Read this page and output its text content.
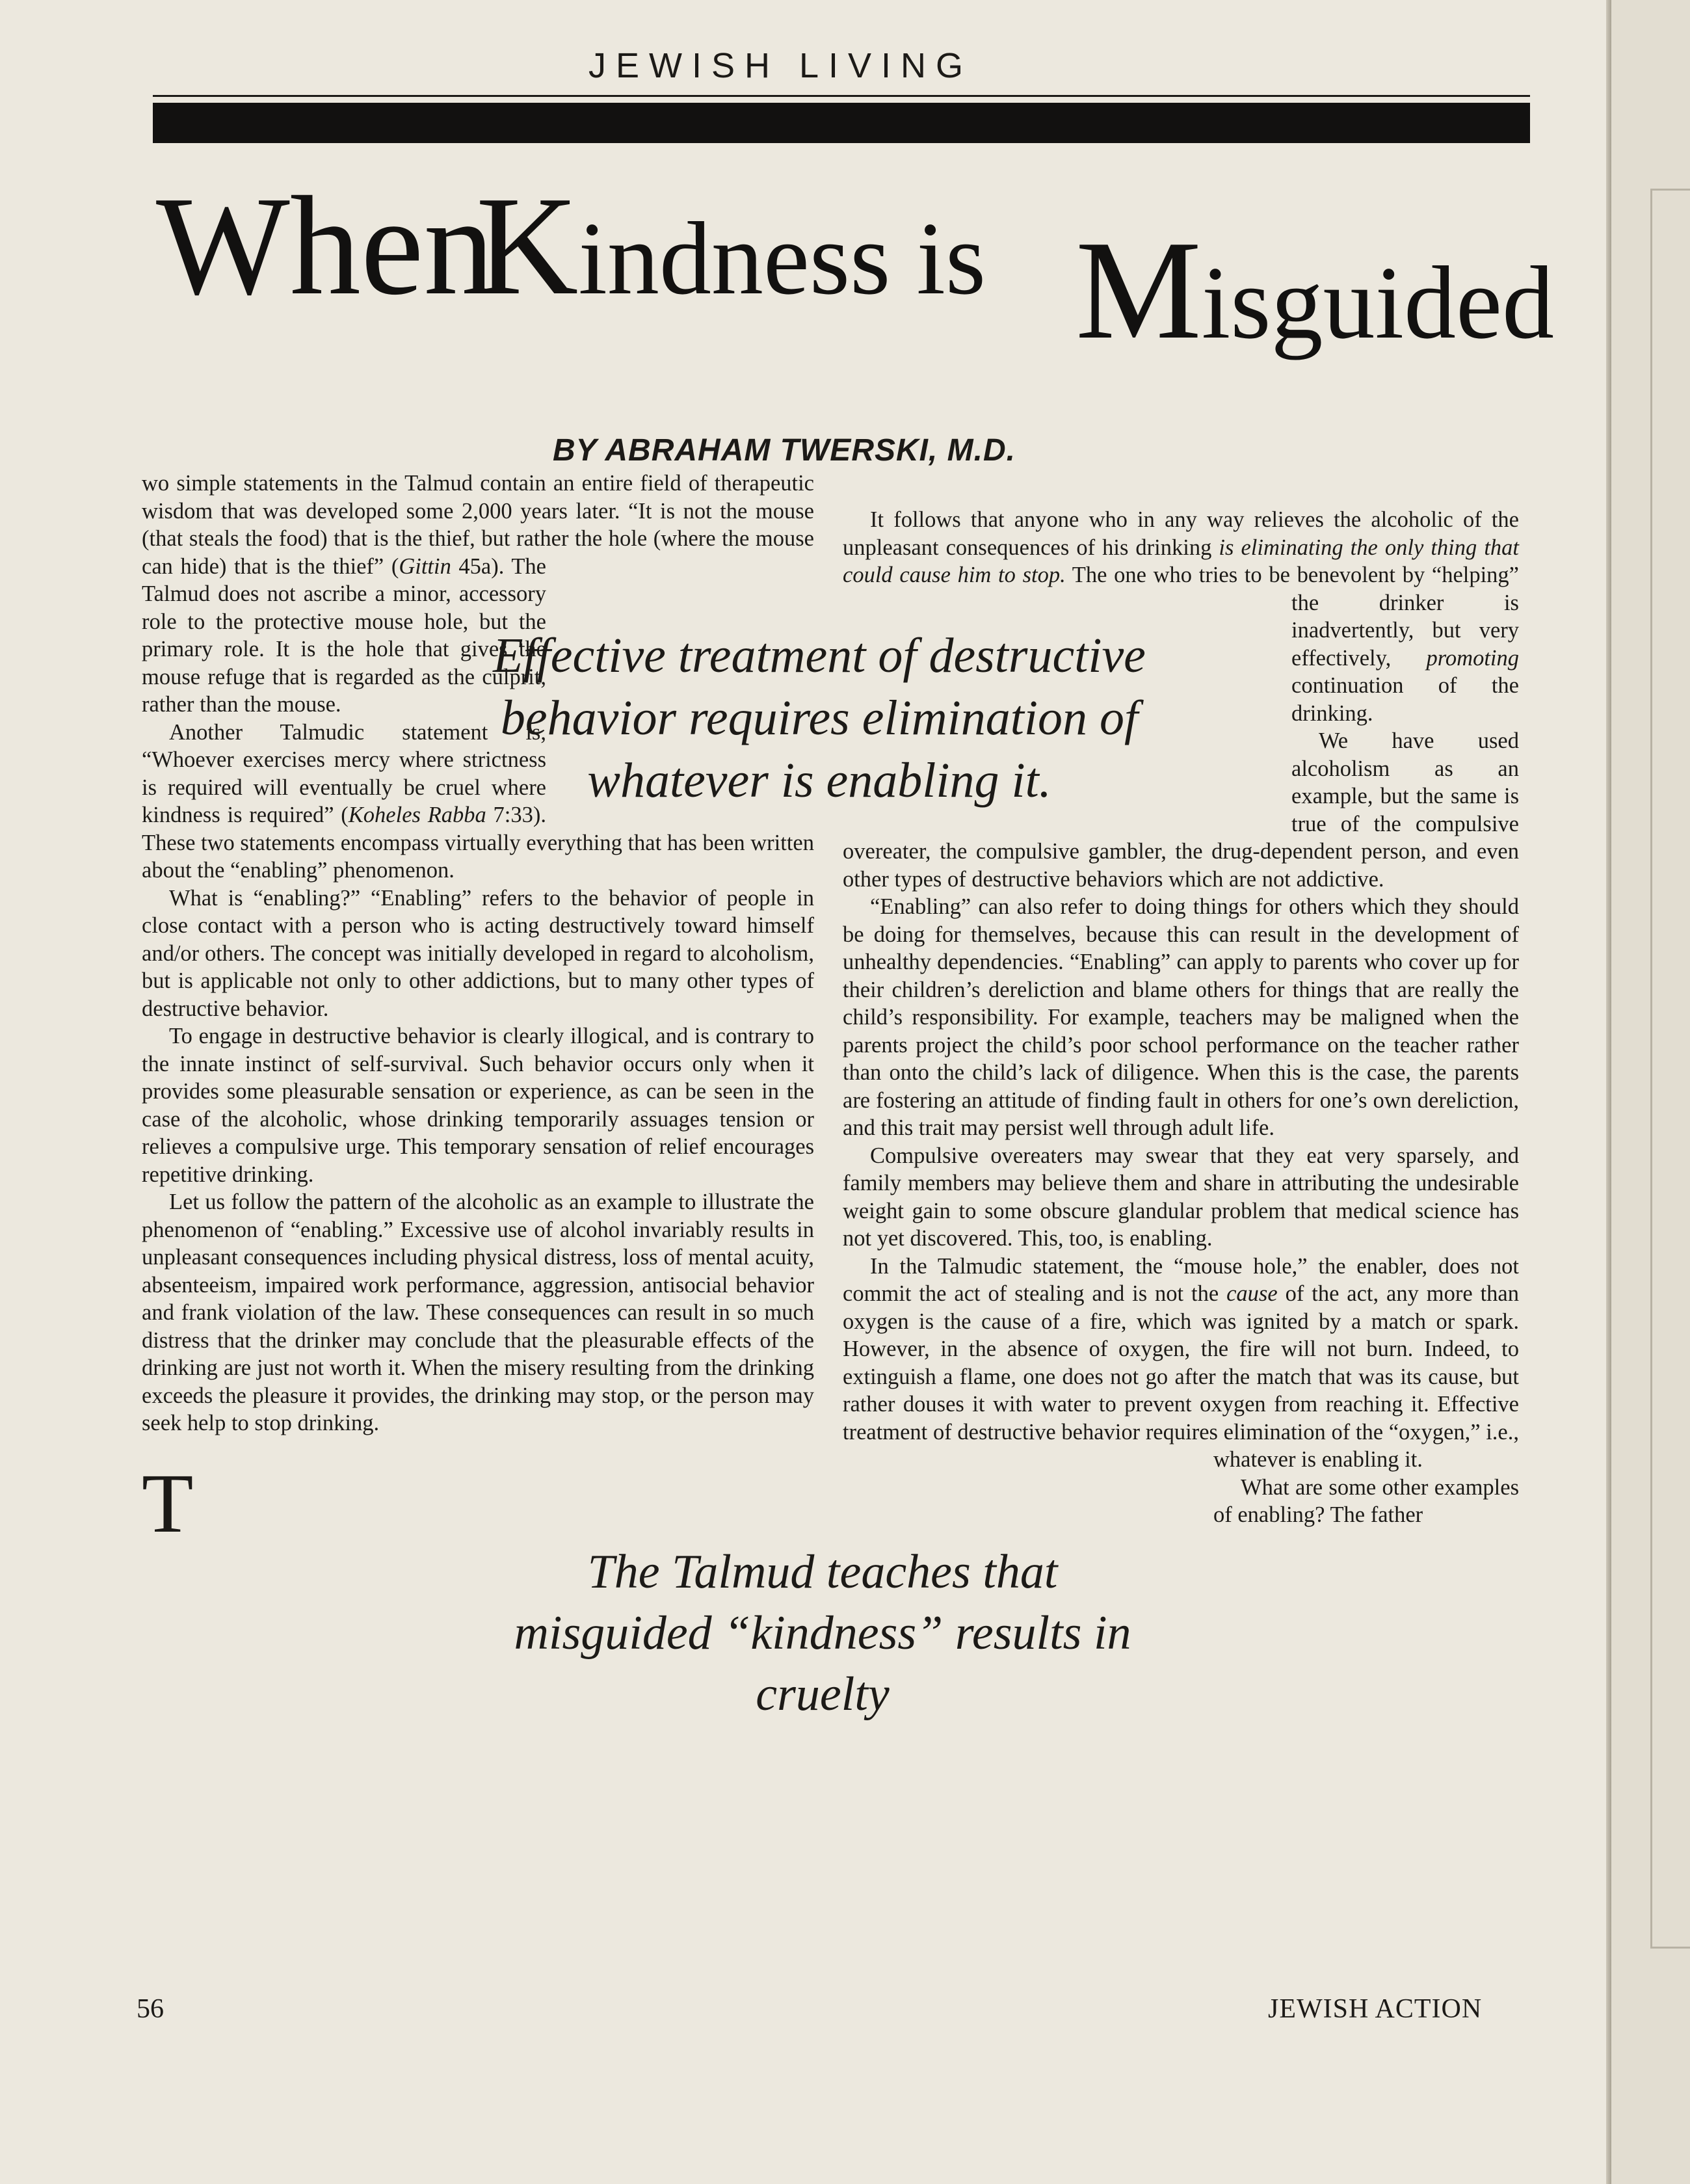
JEWISH LIVING
When
Kindness is Misguided
BY ABRAHAM TWERSKI, M.D.

T
wo simple statements in the Talmud contain an entire field of therapeutic wisdom that was developed some 2,000 years later. “It is not the mouse (that steals the food) that is the thief, but rather the hole (where the mouse can hide) that is the thief” (Gittin 45a). The Talmud does not ascribe a minor, accessory role to the protective mouse hole, but the primary role. It is the hole that gives the mouse refuge that is regarded as the culprit, rather than the mouse.

Another Talmudic statement is, “Whoever exercises mercy where strictness is required will eventually be cruel where kindness is required” (Koheles Rabba 7:33). These two statements encompass virtually everything that has been written about the “enabling” phenomenon.

What is “enabling?” “Enabling” refers to the behavior of people in close contact with a person who is acting destructively toward himself and/or others. The concept was initially developed in regard to alcoholism, but is applicable not only to other addictions, but to many other types of destructive behavior.

To engage in destructive behavior is clearly illogical, and is contrary to the innate instinct of self-survival. Such behavior occurs only when it provides some pleasurable sensation or experience, as can be seen in the case of the alcoholic, whose drinking temporarily assuages tension or relieves a compulsive urge. This temporary sensation of relief encourages repetitive drinking.

Let us follow the pattern of the alcoholic as an example to illustrate the phenomenon of “enabling.” Excessive use of alcohol invariably results in unpleasant consequences including physical distress, loss of mental acuity, absenteeism, impaired work performance, aggression, antisocial behavior and frank violation of the law. These consequences can result in so much distress that the drinker may conclude that the pleasurable effects of the drinking are just not worth it. When the misery resulting from the drinking exceeds the pleasure it provides, the drinking may stop, or the person may seek help to stop drinking.

It follows that anyone who in any way relieves the alcoholic of the unpleasant consequences of his drinking is eliminating the only thing that could cause him to stop. The one who tries to be benevolent by “helping” the drinker is inadvertently, but very effectively, promoting continuation of the drinking.

We have used alcoholism as an example, but the same is true of the compulsive overeater, the compulsive gambler, the drug-dependent person, and even other types of destructive behaviors which are not addictive.

“Enabling” can also refer to doing things for others which they should be doing for themselves, because this can result in the development of unhealthy dependencies. “Enabling” can apply to parents who cover up for their children’s dereliction and blame others for things that are really the child’s responsibility. For example, teachers may be maligned when the parents project the child’s poor school performance on the teacher rather than onto the child’s lack of diligence. When this is the case, the parents are fostering an attitude of finding fault in others for one’s own dereliction, and this trait may persist well through adult life.

Compulsive overeaters may swear that they eat very sparsely, and family members may believe them and share in attributing the undesirable weight gain to some obscure glandular problem that medical science has not yet discovered. This, too, is enabling.

In the Talmudic statement, the “mouse hole,” the enabler, does not commit the act of stealing and is not the cause of the act, any more than oxygen is the cause of a fire, which was ignited by a match or spark. However, in the absence of oxygen, the fire will not burn. Indeed, to extinguish a flame, one does not go after the match that was its cause, but rather douses it with water to prevent oxygen from reaching it. Effective treatment of destructive behavior requires elimination of the “oxygen,” i.e., whatever is enabling it.

What are some other examples of enabling? The father

Effective treatment of destructive behavior requires elimination of whatever is enabling it.
The Talmud teaches that misguided “kindness” results in cruelty
56	JEWISH ACTION
